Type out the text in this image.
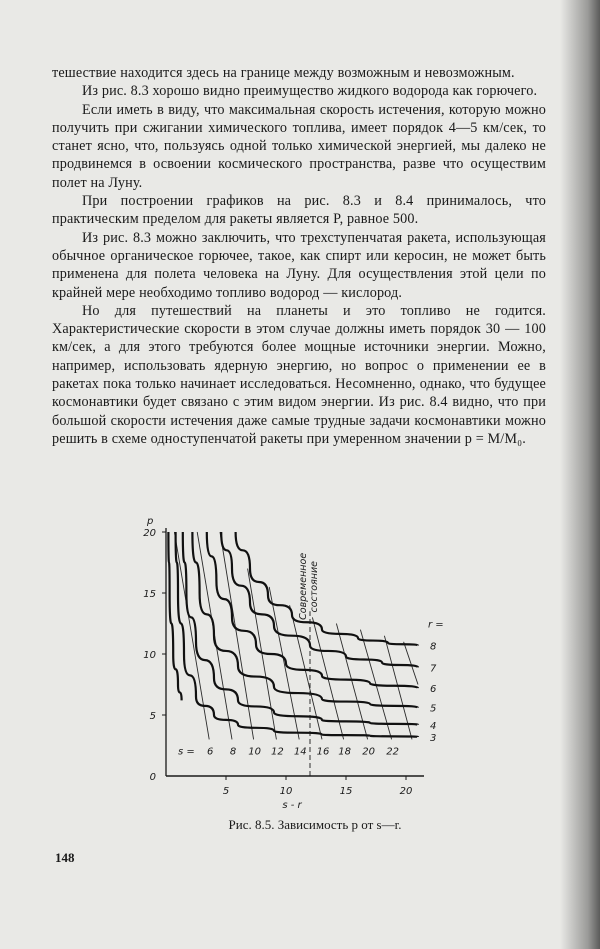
тешествие находится здесь на границе между возможным и невозможным.

Из рис. 8.3 хорошо видно преимущество жидкого водорода как горючего.

Если иметь в виду, что максимальная скорость истечения, которую можно получить при сжигании химического топлива, имеет порядок 4—5 км/сек, то станет ясно, что, пользуясь одной только химической энергией, мы далеко не продвинемся в освоении космического пространства, разве что осуществим полет на Луну.

При построении графиков на рис. 8.3 и 8.4 принималось, что практическим пределом для ракеты является P, равное 500.

Из рис. 8.3 можно заключить, что трехступенчатая ракета, использующая обычное органическое горючее, такое, как спирт или керосин, не может быть применена для полета человека на Луну. Для осуществления этой цели по крайней мере необходимо топливо водород — кислород.

Но для путешествий на планеты и это топливо не годится. Характеристические скорости в этом случае должны иметь порядок 30 — 100 км/сек, а для этого требуются более мощные источники энергии. Можно, например, использовать ядерную энергию, но вопрос о применении ее в ракетах пока только начинает исследоваться. Несомненно, однако, что будущее космонавтики будет связано с этим видом энергии. Из рис. 8.4 видно, что при большой скорости истечения даже самые трудные задачи космонавтики можно решить в схеме одноступенчатой ракеты при умеренном значении p = M/M₀.

0
5
10
15
20
5	10	15	20
p
s - r
6 8 10 12 14 16 18 20 22
s =
3
4
5
6
7
8
r =
Современное состояние
Рис. 8.5. Зависимость p от s—r.
148
